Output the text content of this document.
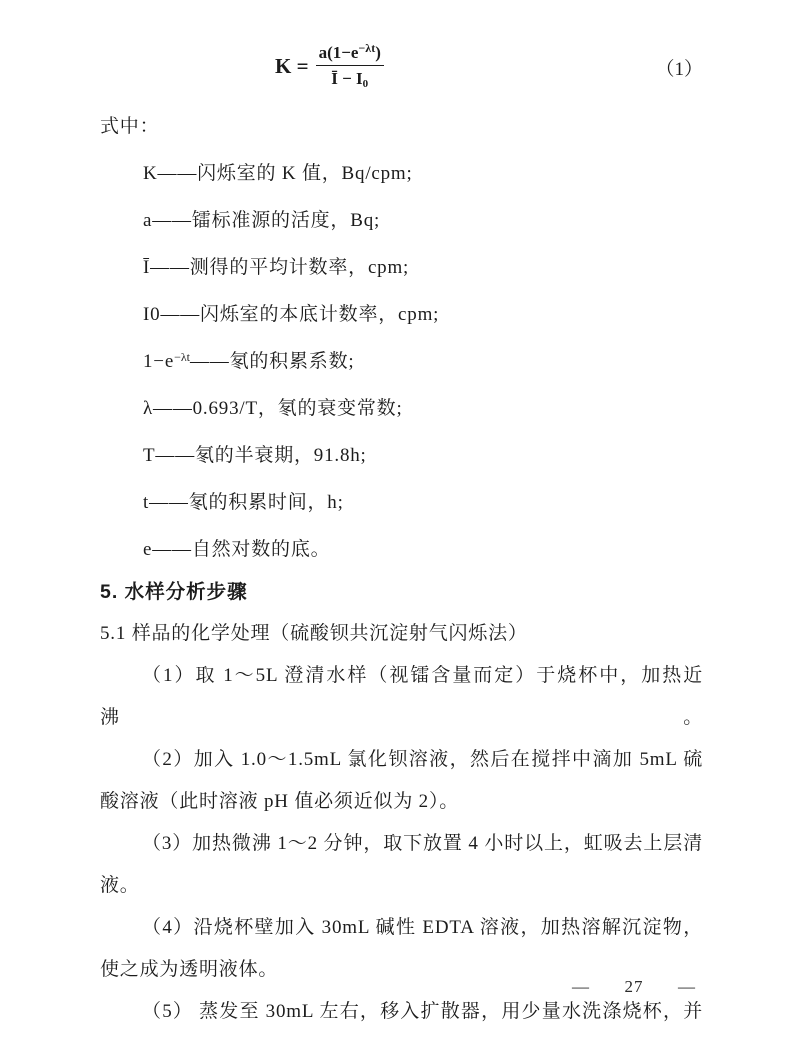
$K = \frac{a(1-e^{-\lambda t})}{Ī - I_0}$	（1）
式中：
K——闪烁室的 K 值，Bq/cpm;
a——镭标准源的活度，Bq;
Ī——测得的平均计数率，cpm;
I0——闪烁室的本底计数率，cpm;
$1-e^{-\lambda t}——$氡的积累系数;
λ——0.693/T，氡的衰变常数;
T——氡的半衰期，91.8h;
t——氡的积累时间，h;
e——自然对数的底。
5. 水样分析步骤
5.1 样品的化学处理（硫酸钡共沉淀射气闪烁法）
（1）取 1～5L 澄清水样（视镭含量而定）于烧杯中，加热近沸。
（2）加入 1.0～1.5mL 氯化钡溶液，然后在搅拌中滴加 5mL 硫
酸溶液（此时溶液 pH 值必须近似为 2）。
（3）加热微沸 1～2 分钟，取下放置 4 小时以上，虹吸去上层清
液。
（4）沿烧杯壁加入 30mL 碱性 EDTA 溶液，加热溶解沉淀物，
使之成为透明液体。
（5） 蒸发至 30mL 左右，移入扩散器，用少量水洗涤烧杯，并
—  27  —
